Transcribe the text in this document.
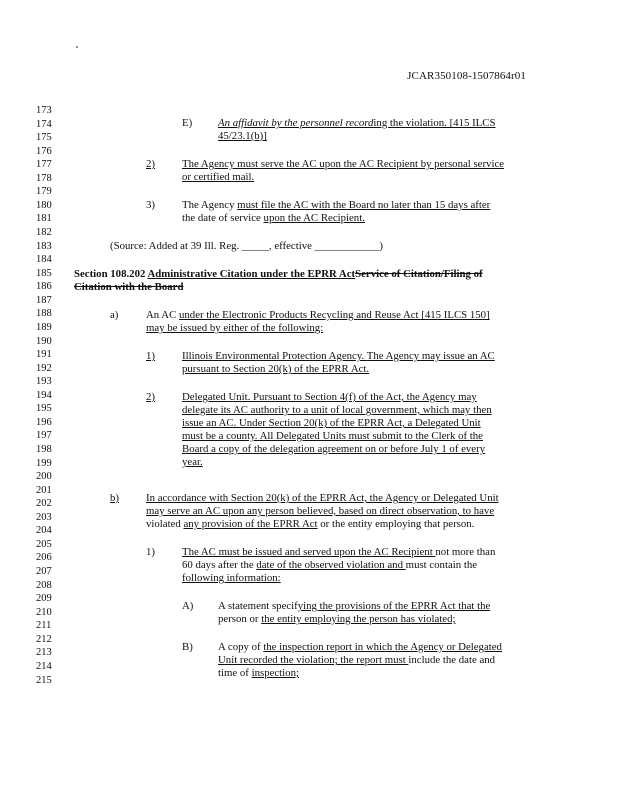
JCAR350108-1507864r01
173
174
175
176
177
178
179
180
181
182
183
184
185
186
187
188
189
190
191
192
193
194
195
196
197
198
199
200
201
202
203
204
205
206
207
208
209
210
211
212
213
214
215
E) An affidavit by the personnel recording the violation. [415 ILCS
45/23.1(b)]
2)	The Agency must serve the AC upon the AC Recipient by personal service
or certified mail.
3)	The Agency must file the AC with the Board no later than 15 days after
the date of service upon the AC Recipient.
(Source: Added at 39 Ill. Reg. _____, effective ____________)
Section 108.202 Administrative Citation under the EPRR ActService of Citation/Filing of
Citation with the Board
a)	An AC under the Electronic Products Recycling and Reuse Act [415 ILCS 150]
may be issued by either of the following:
1)	Illinois Environmental Protection Agency. The Agency may issue an AC
pursuant to Section 20(k) of the EPRR Act.
2)	Delegated Unit. Pursuant to Section 4(f) of the Act, the Agency may
delegate its AC authority to a unit of local government, which may then
issue an AC. Under Section 20(k) of the EPRR Act, a Delegated Unit
must be a county. All Delegated Units must submit to the Clerk of the
Board a copy of the delegation agreement on or before July 1 of every
year.
b)	In accordance with Section 20(k) of the EPRR Act, the Agency or Delegated Unit
may serve an AC upon any person believed, based on direct observation, to have
violated any provision of the EPRR Act or the entity employing that person.
1)	The AC must be issued and served upon the AC Recipient not more than
60 days after the date of the observed violation and must contain the
following information:
A) A statement specifying the provisions of the EPRR Act that the
person or the entity employing the person has violated;
B) A copy of the inspection report in which the Agency or Delegated
Unit recorded the violation; the report must include the date and
time of inspection;
